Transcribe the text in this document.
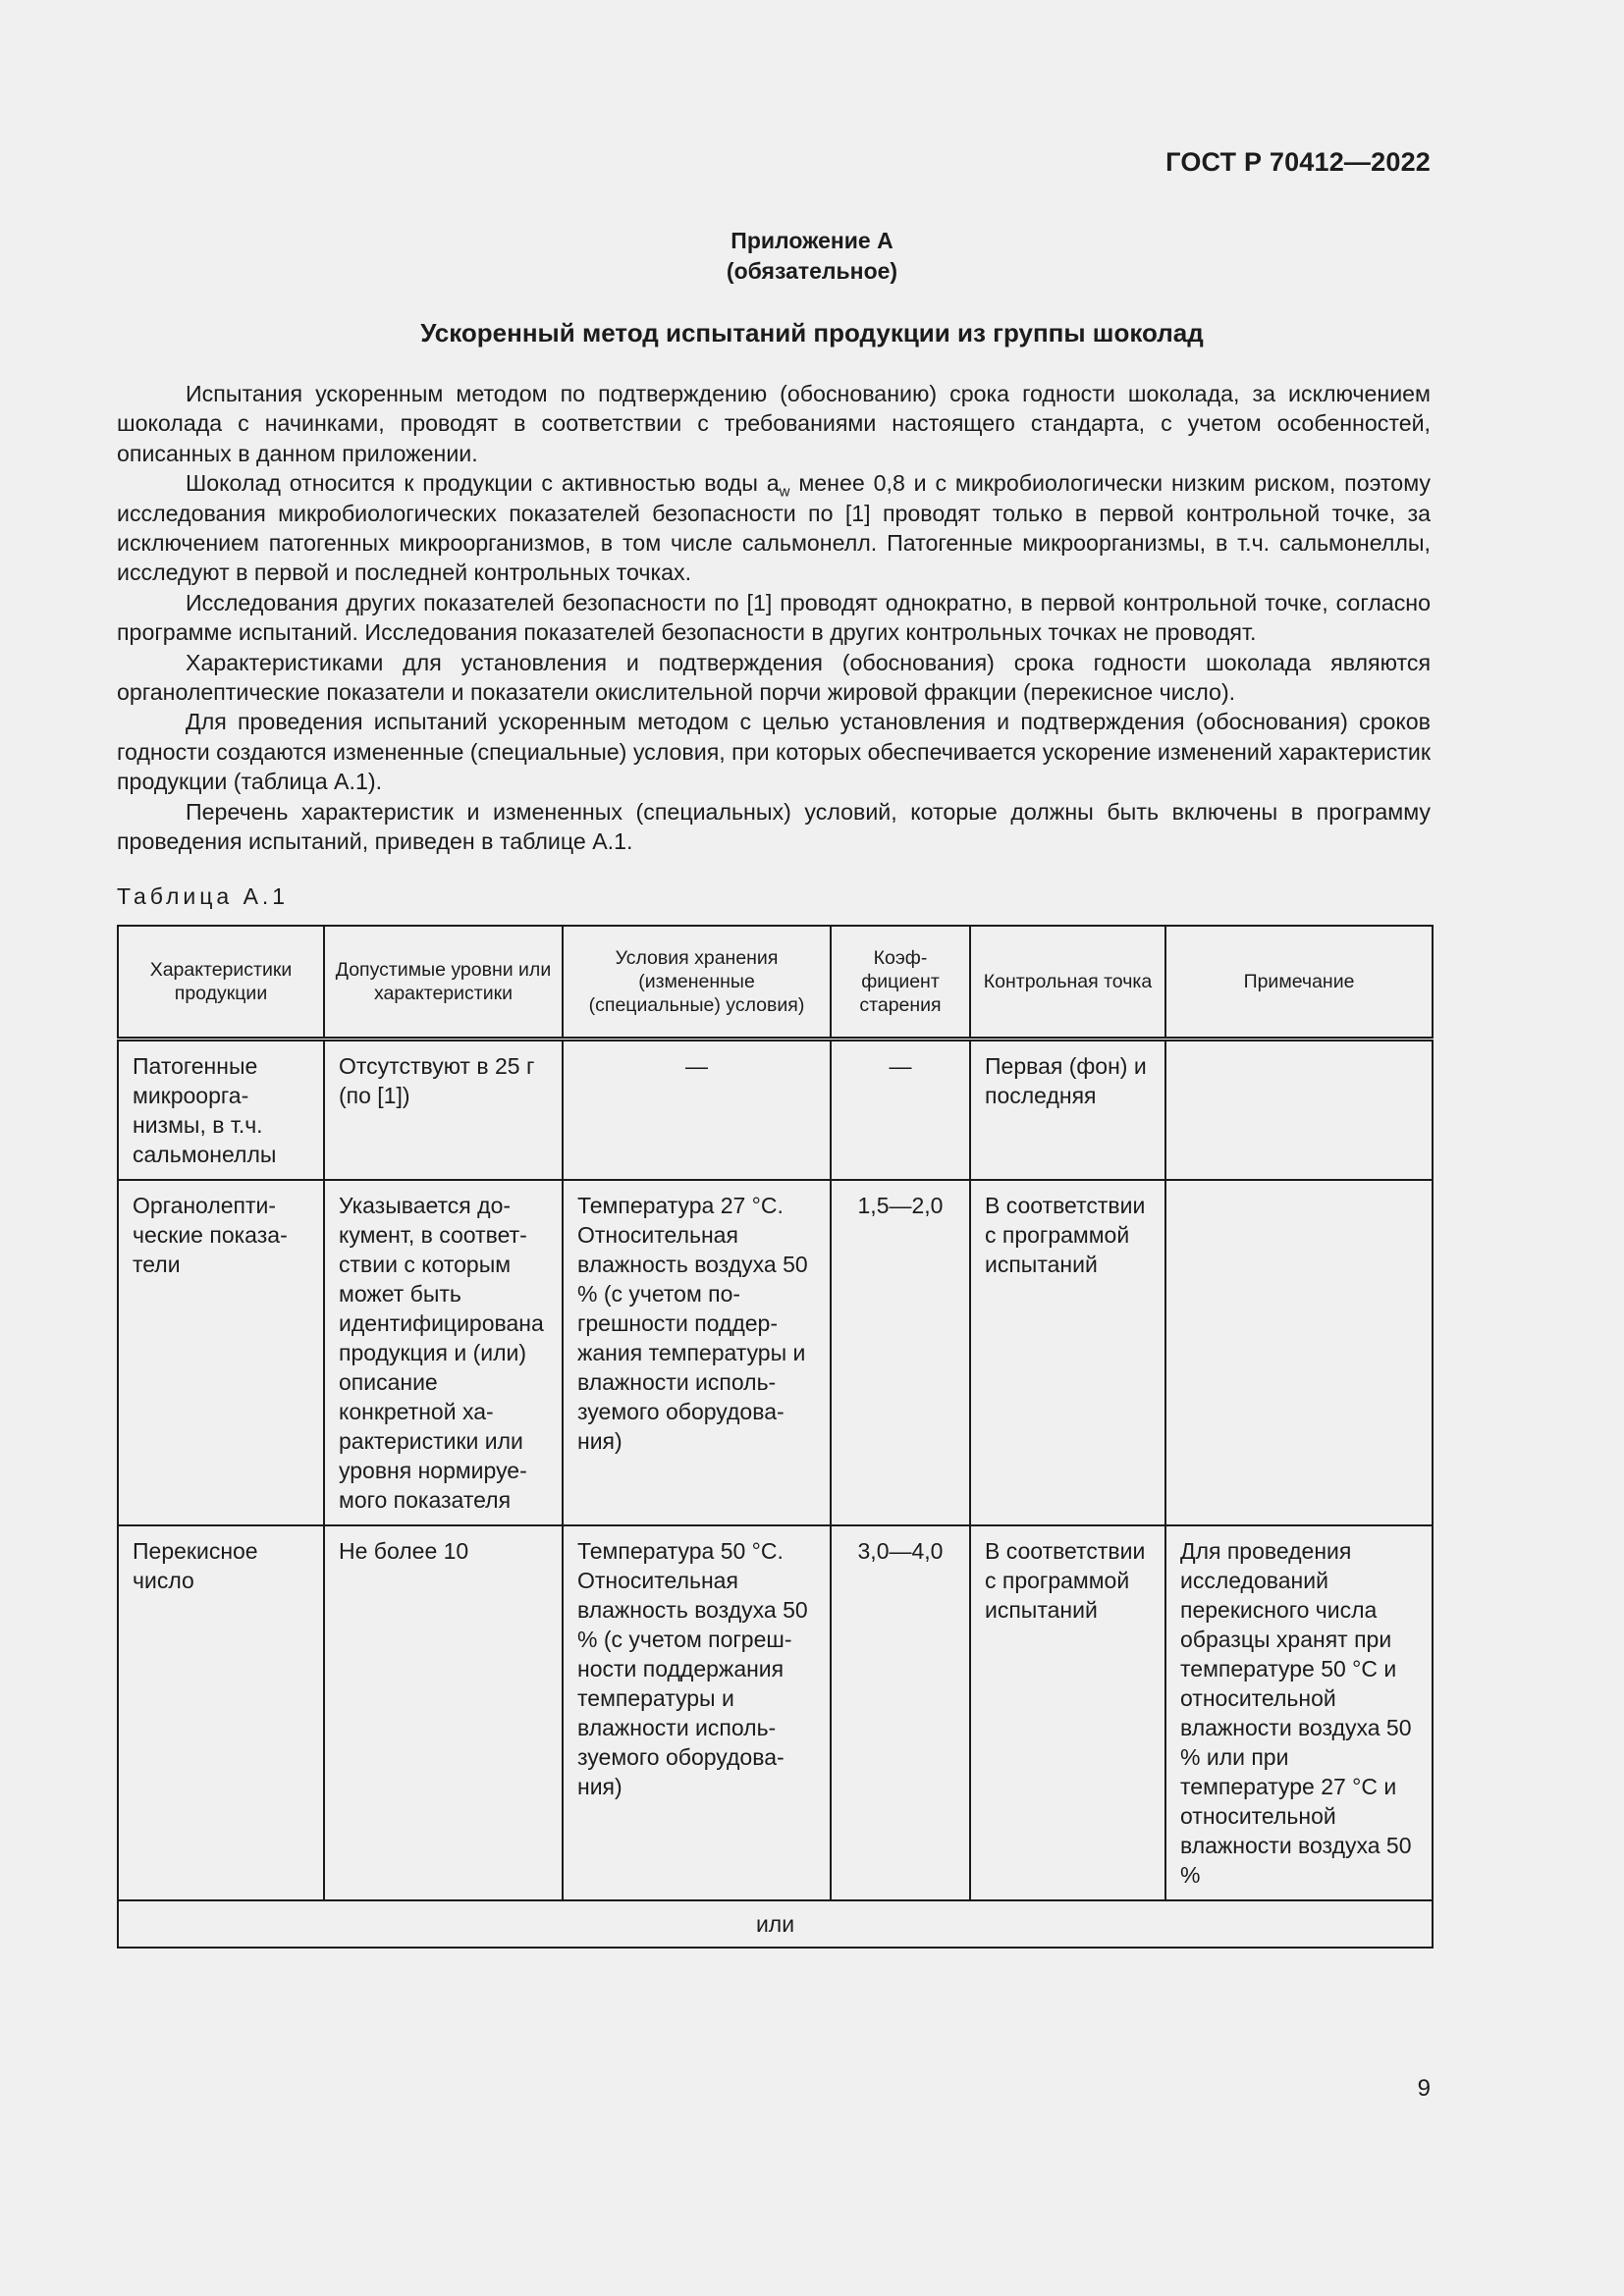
ГОСТ Р 70412—2022
Приложение А
(обязательное)
Ускоренный метод испытаний продукции из группы шоколад

Испытания ускоренным методом по подтверждению (обоснованию) срока годности шоколада, за исключением шоколада с начинками, проводят в соответствии с требованиями настоящего стандарта, с учетом особенностей, описанных в данном приложении.

Шоколад относится к продукции с активностью воды $a_w$ менее 0,8 и с микробиологически низким риском, поэтому исследования микробиологических показателей безопасности по [1] проводят только в первой контрольной точке, за исключением патогенных микроорганизмов, в том числе сальмонелл. Патогенные микроорганизмы, в т.ч. сальмонеллы, исследуют в первой и последней контрольных точках.

Исследования других показателей безопасности по [1] проводят однократно, в первой контрольной точке, согласно программе испытаний. Исследования показателей безопасности в других контрольных точках не проводят.

Характеристиками для установления и подтверждения (обоснования) срока годности шоколада являются органолептические показатели и показатели окислительной порчи жировой фракции (перекисное число).

Для проведения испытаний ускоренным методом с целью установления и подтверждения (обоснования) сроков годности создаются измененные (специальные) условия, при которых обеспечивается ускорение изменений характеристик продукции (таблица А.1).

Перечень характеристик и измененных (специальных) условий, которые должны быть включены в программу проведения испытаний, приведен в таблице А.1.

Таблица А.1
Характеристики продукции	Допустимые уровни или характеристики	Условия хранения (измененные (специальные) условия)	Коэффициент старения	Контрольная точка	Примечание
Патогенные микроорганизмы, в т.ч. сальмонеллы	Отсутствуют в 25 г (по [1])	—	—	Первая (фон) и последняя	
Органолептические показатели	Указывается документ, в соответствии с которым может быть идентифицирована продукция и (или) описание конкретной характеристики или уровня нормируемого показателя	Температура 27 °С. Относительная влажность воздуха 50 % (с учетом погрешности поддержания температуры и влажности используемого оборудования)	1,5—2,0	В соответствии с программой испытаний	
Перекисное число	Не более 10	Температура 50 °С. Относительная влажность воздуха 50 % (с учетом погрешности поддержания температуры и влажности используемого оборудования)	3,0—4,0	В соответствии с программой испытаний	Для проведения исследований перекисного числа образцы хранят при температуре 50 °С и относительной влажности воздуха 50 % или при температуре 27 °С и относительной влажности воздуха 50 %
или					
9
